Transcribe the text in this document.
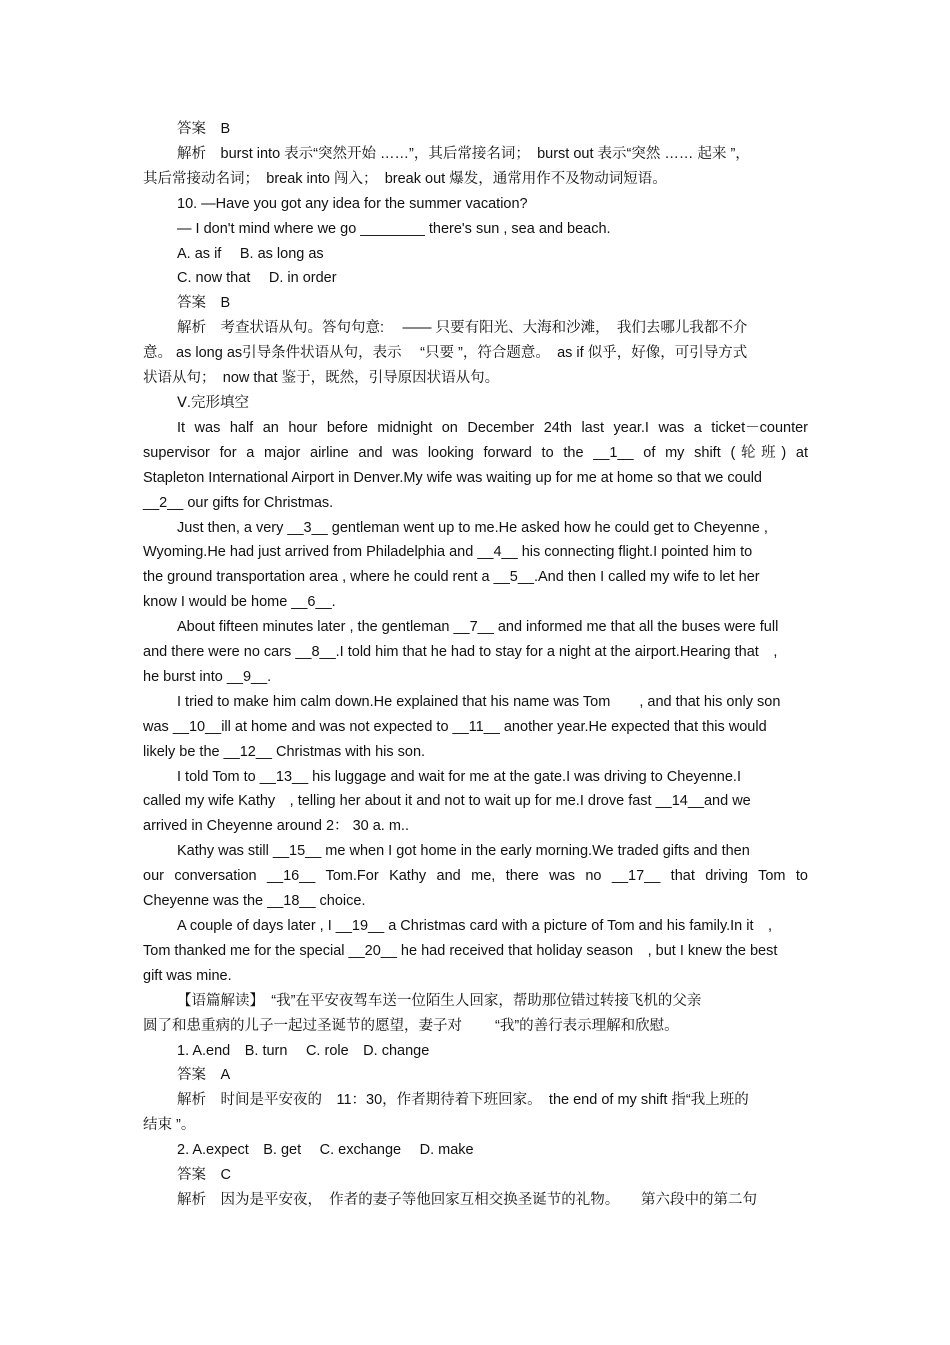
答案　B

解析　burst into 表示“突然开始 ……”，其后常接名词；　burst out 表示“突然 …… 起来 ”，

其后常接动名词；　break into 闯入；　break out 爆发，通常用作不及物动词短语。

10. —Have you got any idea for the summer vacation?

— I don't mind where we go ________ there's sun , sea and beach.

A. as if　 B. as long as

C. now that　 D. in order

答案　B

解析　考查状语从句。答句句意:　 —— 只要有阳光、大海和沙滩，　我们去哪儿我都不介

意。 as long as引导条件状语从句，表示　 “只要 ”，符合题意。　as if 似乎，好像，可引导方式

状语从句；　now that 鉴于，既然，引导原因状语从句。

Ⅴ.完形填空

It was half an hour before midnight on December 24th last year.I was a ticket－counter

supervisor for a major airline and was looking forward to the __1__ of my shift (轮班) at

Stapleton International Airport in Denver.My wife was waiting up for me at home so that we could

__2__ our gifts for Christmas.

Just then, a very __3__ gentleman went up to me.He asked how he could get to Cheyenne ,

Wyoming.He had just arrived from Philadelphia and __4__ his connecting flight.I pointed him to

the ground transportation area , where he could rent a __5__.And then I called my wife to let her

know I would be home __6__.

About fifteen minutes later , the gentleman __7__ and informed me that all the buses were full

and there were no cars __8__.I told him that he had to stay for a night at the airport.Hearing that　,

he burst into __9__.

I tried to make him calm down.He explained that his name was Tom　　, and that his only son

was __10__ill at home and was not expected to __11__ another year.He expected that this would

likely be the __12__ Christmas with his son.

I told Tom to __13__ his luggage and wait for me at the gate.I was driving to Cheyenne.I

called my wife Kathy　, telling her about it and not to wait up for me.I drove fast __14__and we

arrived in Cheyenne around 2： 30 a. m..

Kathy was still __15__ me when I got home in the early morning.We traded gifts and then

our conversation __16__ Tom.For Kathy and me, there was no __17__ that driving Tom to

Cheyenne was the __18__ choice.

A couple of days later , I __19__ a Christmas card with a picture of Tom and his family.In it　,

Tom thanked me for the special __20__ he had received that holiday season　, but I knew the best

gift was mine.

【语篇解读】　“我”在平安夜驾车送一位陌生人回家，帮助那位错过转接飞机的父亲

圆了和患重病的儿子一起过圣诞节的愿望，妻子对　　 “我”的善行表示理解和欣慰。

1. A.end　B. turn　 C. role　D. change

答案　A

解析　时间是平安夜的　11：30，作者期待着下班回家。　the end of my shift 指“我上班的

结束 ”。

2. A.expect　B. get　 C. exchange　 D. make

答案　C

解析　因为是平安夜，　作者的妻子等他回家互相交换圣诞节的礼物。　　第六段中的第二句
